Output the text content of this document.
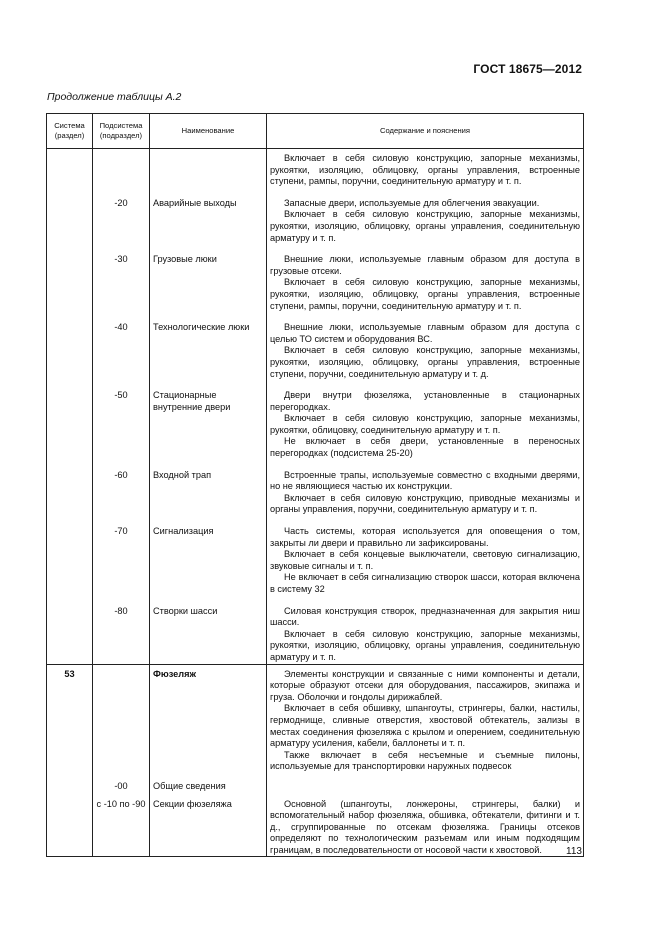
ГОСТ 18675—2012
Продолжение таблицы А.2
Система (раздел)	Подсистема (подраздел)	Наименование	Содержание и пояснения

			Включает в себя силовую конструкцию, запорные механизмы, рукоятки, изоляцию, облицовку, органы управления, встроенные ступени, рампы, поручни, соединительную арматуру и т. п.

	-20	Аварийные выходы	Запасные двери, используемые для облегчения эвакуации.

Включает в себя силовую конструкцию, запорные механизмы, рукоятки, изоляцию, облицовку, органы управления, соединительную арматуру и т. п.

	-30	Грузовые люки	Внешние люки, используемые главным образом для доступа в грузовые отсеки.

Включает в себя силовую конструкцию, запорные механизмы, рукоятки, изоляцию, облицовку, органы управления, встроенные ступени, рампы, поручни, соединительную арматуру и т. п.

	-40	Технологические люки	Внешние люки, используемые главным образом для доступа с целью ТО систем и оборудования ВС.

Включает в себя силовую конструкцию, запорные механизмы, рукоятки, изоляцию, облицовку, органы управления, встроенные ступени, поручни, соединительную арматуру и т. д.

	-50	Стационарные внутренние двери	Двери внутри фюзеляжа, установленные в стационарных перегородках.

Включает в себя силовую конструкцию, запорные механизмы, рукоятки, облицовку, соединительную арматуру и т. п.

Не включает в себя двери, установленные в переносных перегородках (подсистема 25-20)

	-60	Входной трап	Встроенные трапы, используемые совместно с входными дверями, но не являющиеся частью их конструкции.

Включает в себя силовую конструкцию, приводные механизмы и органы управления, поручни, соединительную арматуру и т. п.

	-70	Сигнализация	Часть системы, которая используется для оповещения о том, закрыты ли двери и правильно ли зафиксированы.

Включает в себя концевые выключатели, световую сигнализацию, звуковые сигналы и т. п.

Не включает в себя сигнализацию створок шасси, которая включена в систему 32

	-80	Створки шасси	Силовая конструкция створок, предназначенная для закрытия ниш шасси.

Включает в себя силовую конструкцию, запорные механизмы, рукоятки, изоляцию, облицовку, органы управления, соединительную арматуру и т. п.

53		Фюзеляж	Элементы конструкции и связанные с ними компоненты и детали, которые образуют отсеки для оборудования, пассажиров, экипажа и груза. Оболочки и гондолы дирижаблей.

Включает в себя обшивку, шпангоуты, стрингеры, балки, настилы, гермоднище, сливные отверстия, хвостовой обтекатель, зализы в местах соединения фюзеляжа с крылом и оперением, соединительную арматуру усиления, кабели, баллонеты и т. п.

Также включает в себя несъемные и съемные пилоны, используемые для транспортировки наружных подвесок

	-00	Общие сведения	
	с -10 по -90	Секции фюзеляжа	Основной (шпангоуты, лонжероны, стрингеры, балки) и вспомогательный набор фюзеляжа, обшивка, обтекатели, фитинги и т. д., сгруппированные по отсекам фюзеляжа. Границы отсеков определяют по технологическим разъемам или иным подходящим границам, в последовательности от носовой части к хвостовой.	113
